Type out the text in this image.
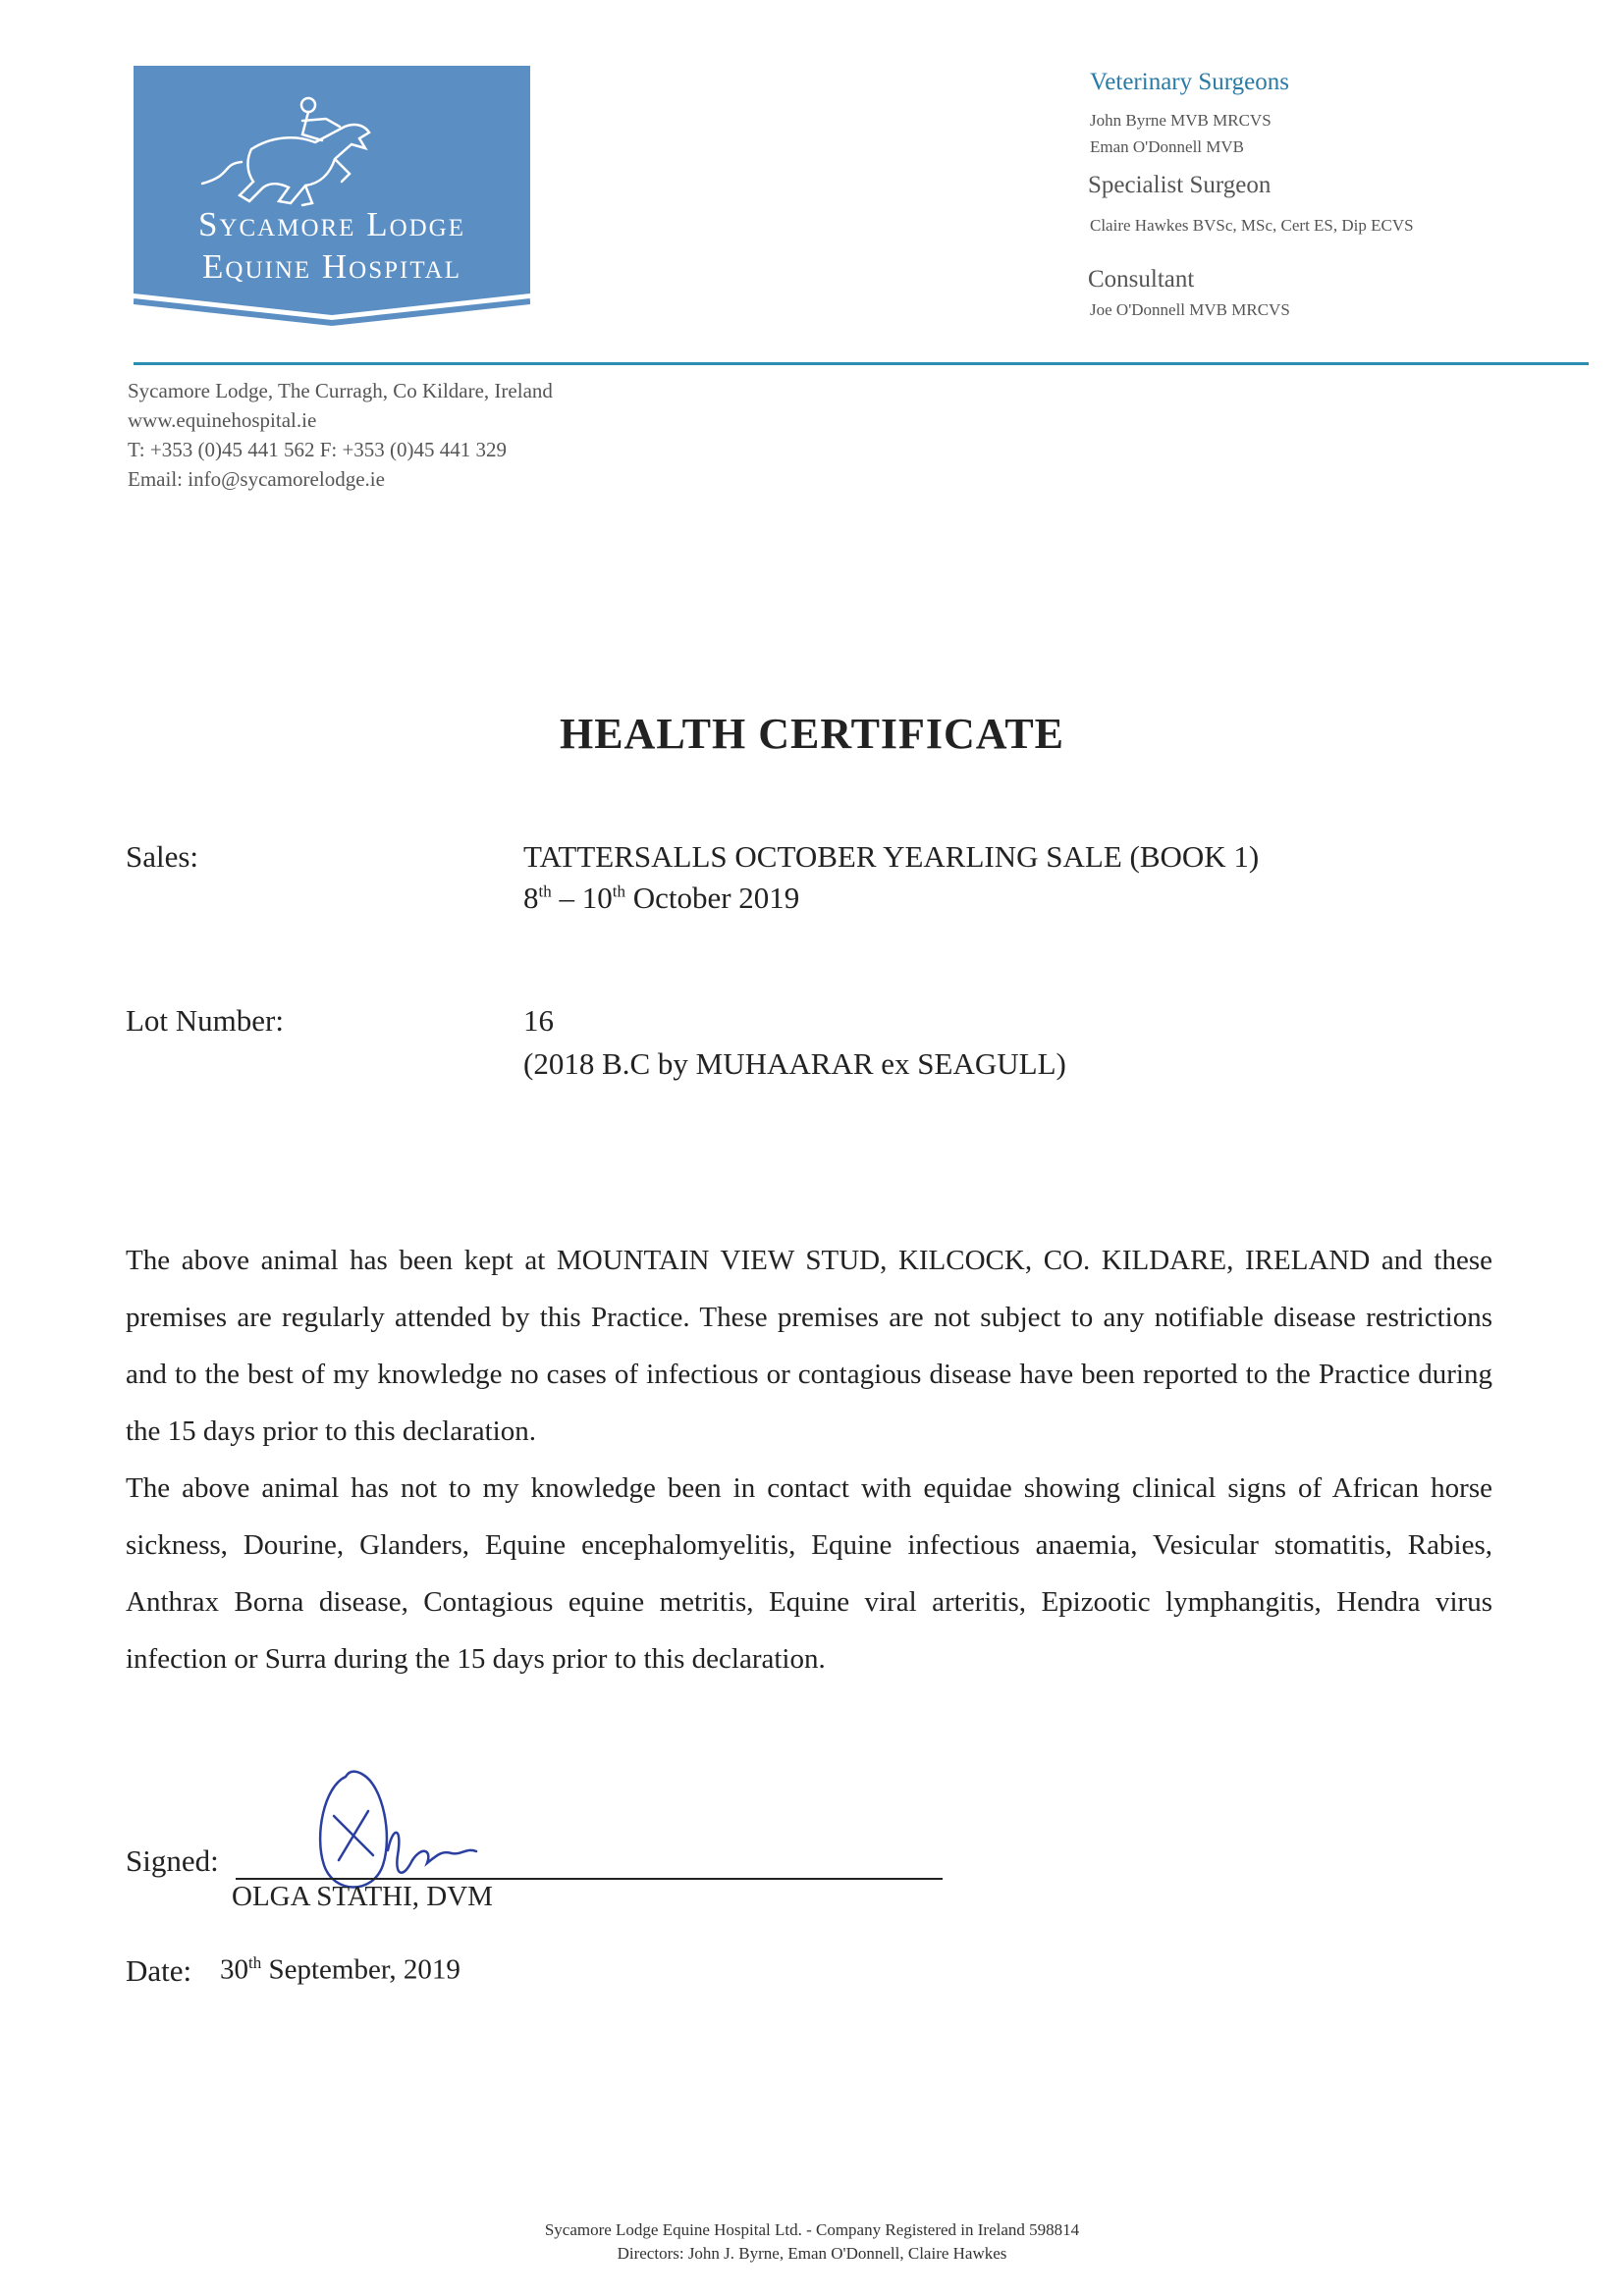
Sycamore Lodge
Equine Hospital
Veterinary Surgeons
John Byrne MVB MRCVS
Eman O'Donnell MVB
Specialist Surgeon
Claire Hawkes BVSc, MSc, Cert ES, Dip ECVS
Consultant
Joe O'Donnell MVB MRCVS
Sycamore Lodge, The Curragh, Co Kildare, Ireland
www.equinehospital.ie
T: +353 (0)45 441 562 F: +353 (0)45 441 329
Email: info@sycamorelodge.ie
HEALTH CERTIFICATE
Sales:	TATTERSALLS OCTOBER YEARLING SALE (BOOK 1)
8th – 10th October 2019
Lot Number:	16
(2018 B.C by MUHAARAR ex SEAGULL)
The above animal has been kept at MOUNTAIN VIEW STUD, KILCOCK, CO. KILDARE, IRELAND and these premises are regularly attended by this Practice. These premises are not subject to any notifiable disease restrictions and to the best of my knowledge no cases of infectious or contagious disease have been reported to the Practice during the 15 days prior to this declaration.
The above animal has not to my knowledge been in contact with equidae showing clinical signs of African horse sickness, Dourine, Glanders, Equine encephalomyelitis, Equine infectious anaemia, Vesicular stomatitis, Rabies, Anthrax Borna disease, Contagious equine metritis, Equine viral arteritis, Epizootic lymphangitis, Hendra virus infection or Surra during the 15 days prior to this declaration.
Signed:
OLGA STATHI, DVM
Date: 30th September, 2019
Sycamore Lodge Equine Hospital Ltd. - Company Registered in Ireland 598814
Directors: John J. Byrne, Eman O'Donnell, Claire Hawkes
